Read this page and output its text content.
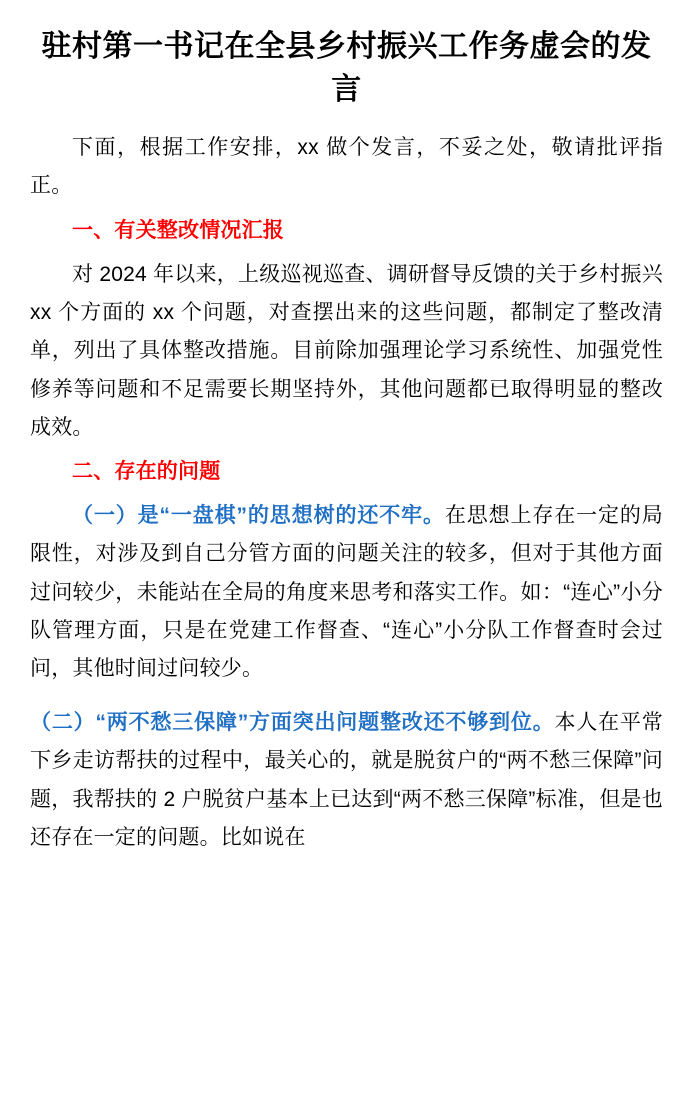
驻村第一书记在全县乡村振兴工作务虚会的发言

下面，根据工作安排，xx 做个发言，不妥之处，敬请批评指正。

一、有关整改情况汇报

对 2024 年以来，上级巡视巡查、调研督导反馈的关于乡村振兴 xx 个方面的 xx 个问题，对查摆出来的这些问题，都制定了整改清单，列出了具体整改措施。目前除加强理论学习系统性、加强党性修养等问题和不足需要长期坚持外，其他问题都已取得明显的整改成效。

二、存在的问题

（一）是“一盘棋”的思想树的还不牢。在思想上存在一定的局限性，对涉及到自己分管方面的问题关注的较多，但对于其他方面过问较少，未能站在全局的角度来思考和落实工作。如：“连心”小分队管理方面，只是在党建工作督查、“连心”小分队工作督查时会过问，其他时间过问较少。

（二）“两不愁三保障”方面突出问题整改还不够到位。本人在平常下乡走访帮扶的过程中，最关心的，就是脱贫户的“两不愁三保障”问题，我帮扶的 2 户脱贫户基本上已达到“两不愁三保障”标准，但是也还存在一定的问题。比如说在
